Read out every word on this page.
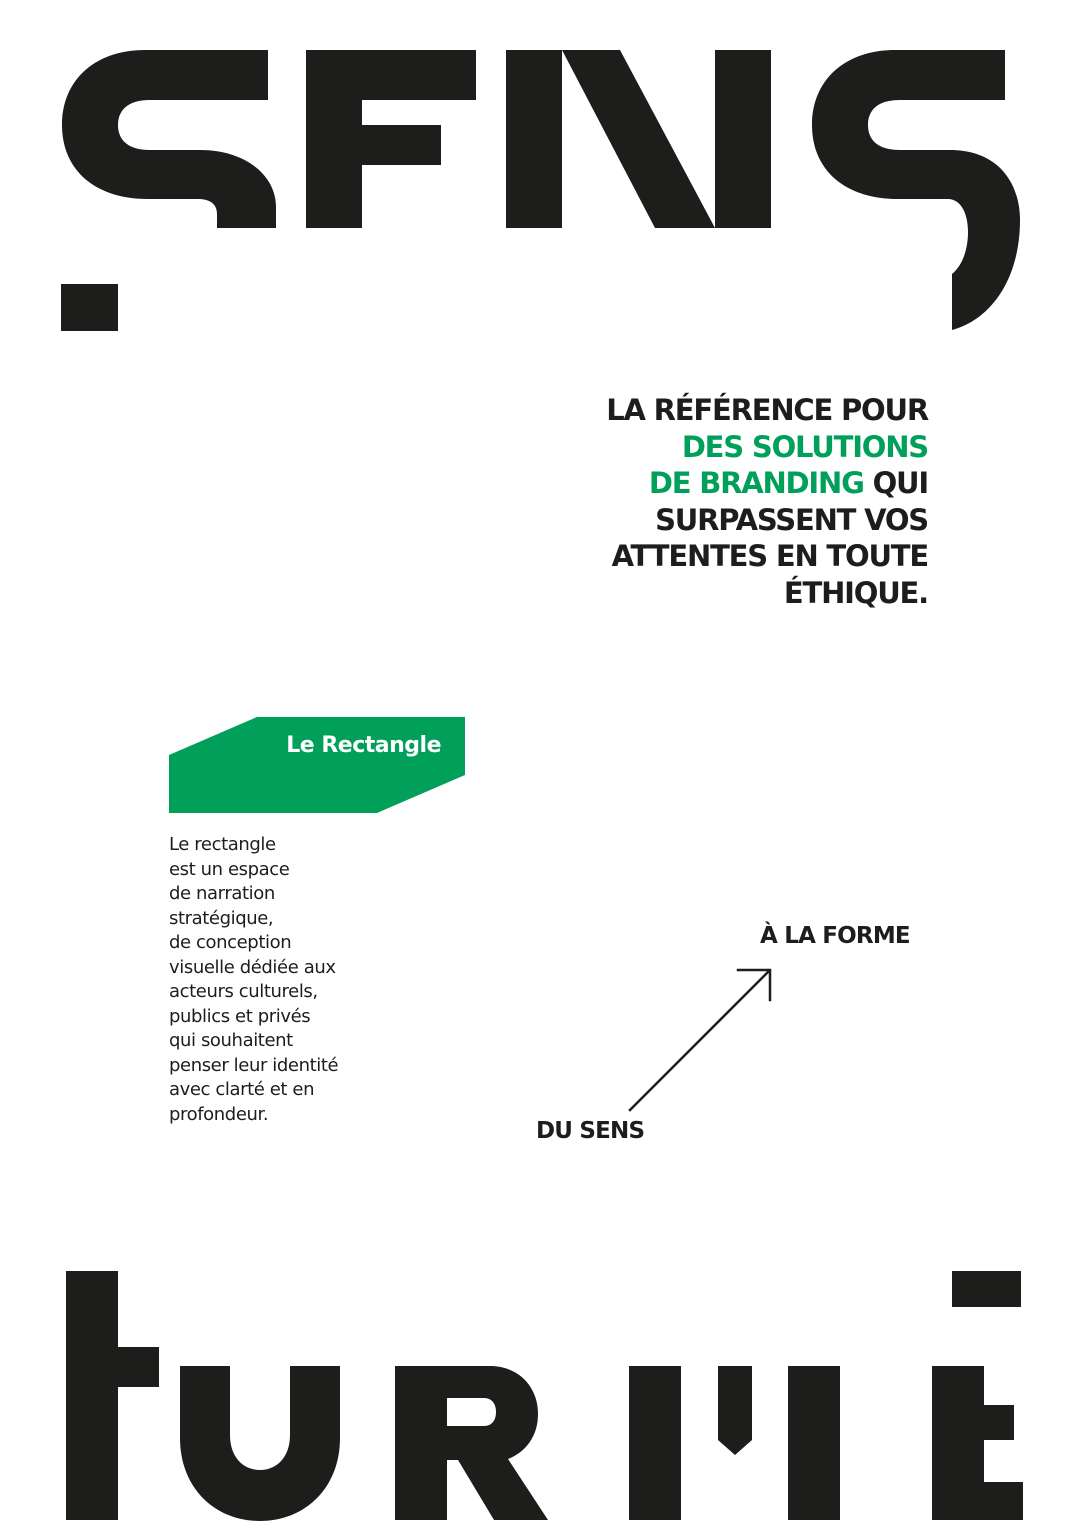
LA RÉFÉRENCE POUR
DES SOLUTIONS
DE BRANDING QUI
SURPASSENT VOS
ATTENTES EN TOUTE
ÉTHIQUE.
Le Rectangle

Le rectangle
est un espace
de narration
stratégique,
de conception
visuelle dédiée aux
acteurs culturels,
publics et privés
qui souhaitent
penser leur identité
avec clarté et en
profondeur.

À LA FORME
DU SENS
